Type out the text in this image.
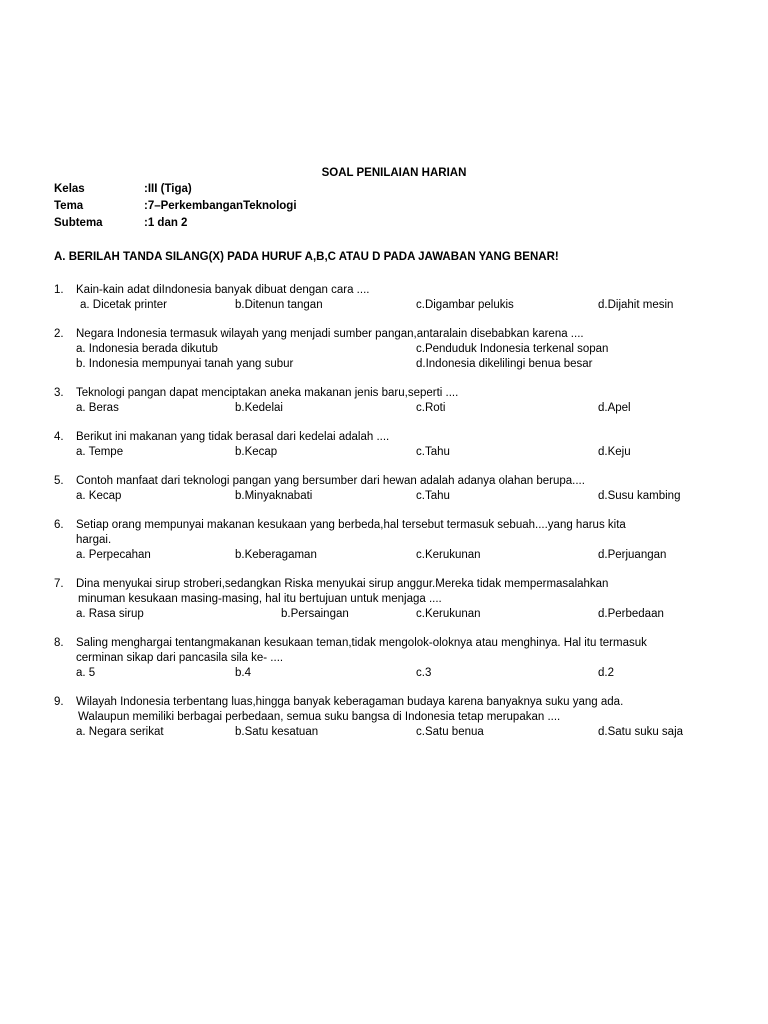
SOAL PENILAIAN HARIAN
Kelas	:III (Tiga)
Tema	:7–PerkembanganTeknologi
Subtema	:1 dan 2
A. BERILAH TANDA SILANG(X) PADA HURUF A,B,C ATAU D PADA JAWABAN YANG BENAR!
1. Kain-kain adat diIndonesia banyak dibuat dengan cara ....
a. Dicetak printer	b.Ditenun tangan	c.Digambar pelukis	d.Dijahit mesin
2. Negara Indonesia termasuk wilayah yang menjadi sumber pangan,antaralain disebabkan karena ....
a. Indonesia berada dikutub	c.Penduduk Indonesia terkenal sopan
b. Indonesia mempunyai tanah yang subur	d.Indonesia dikelilingi benua besar
3. Teknologi pangan dapat menciptakan aneka makanan jenis baru,seperti ....
a. Beras	b.Kedelai	c.Roti	d.Apel
4. Berikut ini makanan yang tidak berasal dari kedelai adalah ....
a. Tempe	b.Kecap	c.Tahu	d.Keju
5. Contoh manfaat dari teknologi pangan yang bersumber dari hewan adalah adanya olahan berupa....
a. Kecap	b.Minyaknabati	c.Tahu	d.Susu kambing
6. Setiap orang mempunyai makanan kesukaan yang berbeda,hal tersebut termasuk sebuah....yang harus kita
hargai.
a. Perpecahan	b.Keberagaman	c.Kerukunan	d.Perjuangan
7. Dina menyukai sirup stroberi,sedangkan Riska menyukai sirup anggur.Mereka tidak mempermasalahkan
minuman kesukaan masing-masing, hal itu bertujuan untuk menjaga ....
a. Rasa sirup	b.Persaingan	c.Kerukunan	d.Perbedaan
8. Saling menghargai tentangmakanan kesukaan teman,tidak mengolok-oloknya atau menghinya. Hal itu termasuk
cerminan sikap dari pancasila sila ke- ....
a. 5	b.4	c.3	d.2
9. Wilayah Indonesia terbentang luas,hingga banyak keberagaman budaya karena banyaknya suku yang ada.
Walaupun memiliki berbagai perbedaan, semua suku bangsa di Indonesia tetap merupakan ....
a. Negara serikat	b.Satu kesatuan	c.Satu benua	d.Satu suku saja
